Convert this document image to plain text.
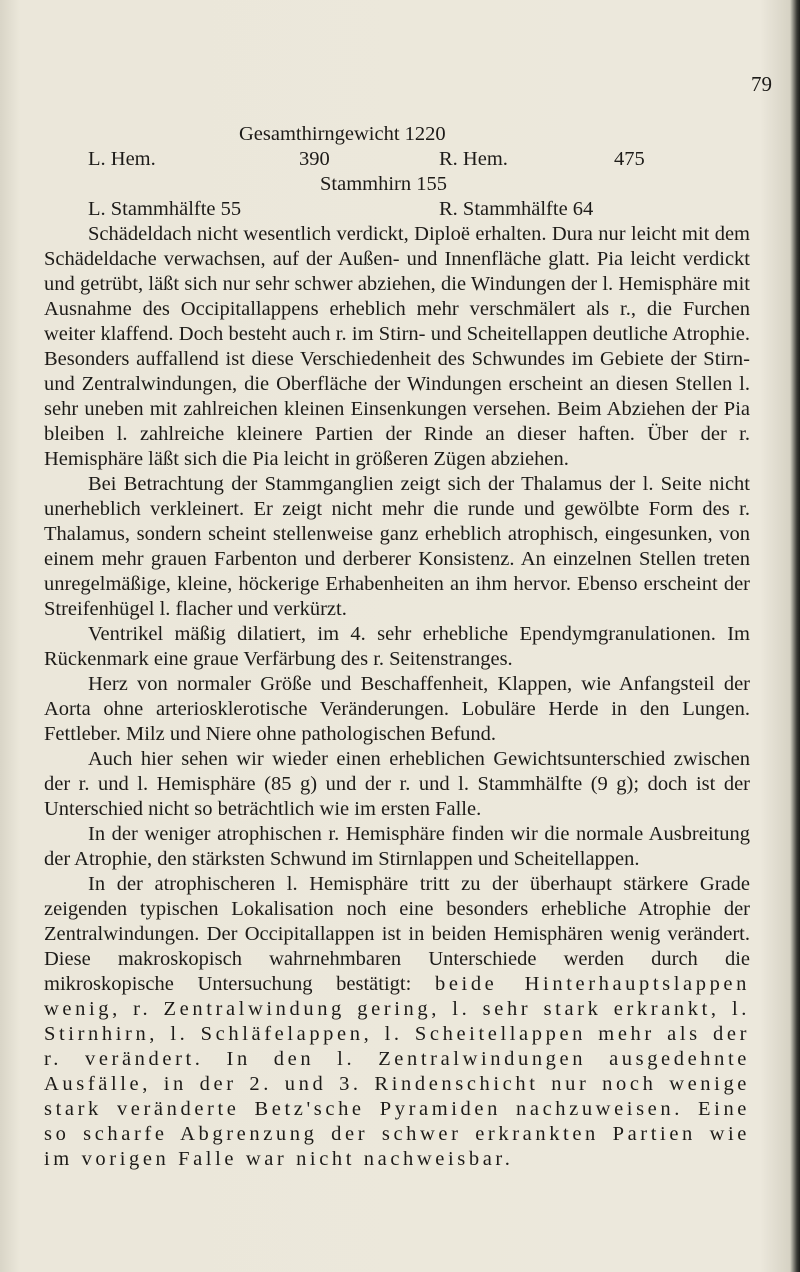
79
Gesamthirngewicht 1220
L. Hem.	390	R. Hem.	475
Stammhirn 155
L. Stammhälfte 55	R. Stammhälfte 64

Schädeldach nicht wesentlich verdickt, Diploë erhalten. Dura nur leicht mit dem Schädeldache verwachsen, auf der Außen- und Innenfläche glatt. Pia leicht verdickt und getrübt, läßt sich nur sehr schwer abziehen, die Windungen der l. Hemisphäre mit Ausnahme des Occipitallappens erheblich mehr verschmälert als r., die Furchen weiter klaffend. Doch besteht auch r. im Stirn- und Scheitellappen deutliche Atrophie. Besonders auffallend ist diese Verschiedenheit des Schwundes im Gebiete der Stirn- und Zentralwindungen, die Oberfläche der Windungen erscheint an diesen Stellen l. sehr uneben mit zahlreichen kleinen Einsenkungen versehen. Beim Abziehen der Pia bleiben l. zahlreiche kleinere Partien der Rinde an dieser haften. Über der r. Hemisphäre läßt sich die Pia leicht in größeren Zügen abziehen.

Bei Betrachtung der Stammganglien zeigt sich der Thalamus der l. Seite nicht unerheblich verkleinert. Er zeigt nicht mehr die runde und gewölbte Form des r. Thalamus, sondern scheint stellenweise ganz erheblich atrophisch, eingesunken, von einem mehr grauen Farbenton und derberer Konsistenz. An einzelnen Stellen treten unregelmäßige, kleine, höckerige Erhabenheiten an ihm hervor. Ebenso erscheint der Streifenhügel l. flacher und verkürzt.

Ventrikel mäßig dilatiert, im 4. sehr erhebliche Ependymgranulationen. Im Rückenmark eine graue Verfärbung des r. Seitenstranges.

Herz von normaler Größe und Beschaffenheit, Klappen, wie Anfangsteil der Aorta ohne arteriosklerotische Veränderungen. Lobuläre Herde in den Lungen. Fettleber. Milz und Niere ohne pathologischen Befund.

Auch hier sehen wir wieder einen erheblichen Gewichtsunterschied zwischen der r. und l. Hemisphäre (85 g) und der r. und l. Stammhälfte (9 g); doch ist der Unterschied nicht so beträchtlich wie im ersten Falle.

In der weniger atrophischen r. Hemisphäre finden wir die normale Ausbreitung der Atrophie, den stärksten Schwund im Stirnlappen und Scheitellappen.

In der atrophischeren l. Hemisphäre tritt zu der überhaupt stärkere Grade zeigenden typischen Lokalisation noch eine besonders erhebliche Atrophie der Zentralwindungen. Der Occipitallappen ist in beiden Hemisphären wenig verändert. Diese makroskopisch wahrnehmbaren Unterschiede werden durch die mikroskopische Untersuchung bestätigt: beide Hinterhauptslappen wenig, r. Zentralwindung gering, l. sehr stark erkrankt, l. Stirnhirn, l. Schläfelappen, l. Scheitellappen mehr als der r. verändert. In den l. Zentralwindungen ausgedehnte Ausfälle, in der 2. und 3. Rindenschicht nur noch wenige stark veränderte Betz'sche Pyramiden nachzuweisen. Eine so scharfe Abgrenzung der schwer erkrankten Partien wie im vorigen Falle war nicht nachweisbar.
